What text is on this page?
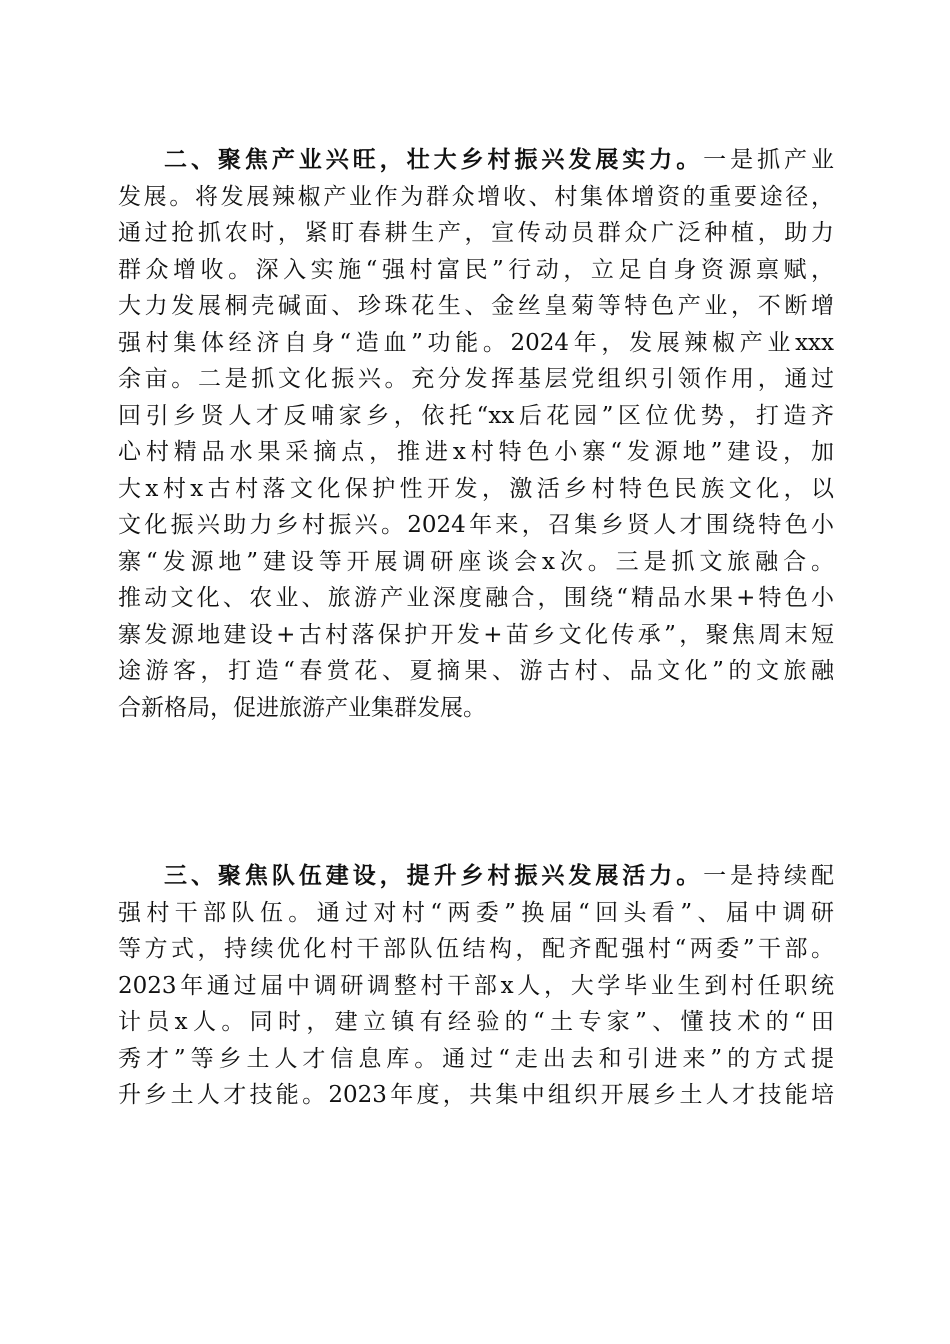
二、聚焦产业兴旺，壮大乡村振兴发展实力。一是抓产业
发展。将发展辣椒产业作为群众增收、村集体增资的重要途径，
通过抢抓农时，紧盯春耕生产，宣传动员群众广泛种植，助力
群众增收。深入实施“强村富民”行动，立足自身资源禀赋，
大力发展桐壳碱面、珍珠花生、金丝皇菊等特色产业，不断增
强村集体经济自身“造血”功能。2024年，发展辣椒产业xxx
余亩。二是抓文化振兴。充分发挥基层党组织引领作用，通过
回引乡贤人才反哺家乡，依托“xx后花园”区位优势，打造齐
心村精品水果采摘点，推进x村特色小寨“发源地”建设，加
大x村x古村落文化保护性开发，激活乡村特色民族文化，以
文化振兴助力乡村振兴。2024年来，召集乡贤人才围绕特色小
寨“发源地”建设等开展调研座谈会x次。三是抓文旅融合。
推动文化、农业、旅游产业深度融合，围绕“精品水果+特色小
寨发源地建设+古村落保护开发+苗乡文化传承”，聚焦周末短
途游客，打造“春赏花、夏摘果、游古村、品文化”的文旅融
合新格局，促进旅游产业集群发展。
三、聚焦队伍建设，提升乡村振兴发展活力。一是持续配
强村干部队伍。通过对村“两委”换届“回头看”、届中调研
等方式，持续优化村干部队伍结构，配齐配强村“两委”干部。
2023年通过届中调研调整村干部x人，大学毕业生到村任职统
计员x人。同时，建立镇有经验的“土专家”、懂技术的“田
秀才”等乡土人才信息库。通过“走出去和引进来”的方式提
升乡土人才技能。2023年度，共集中组织开展乡土人才技能培
